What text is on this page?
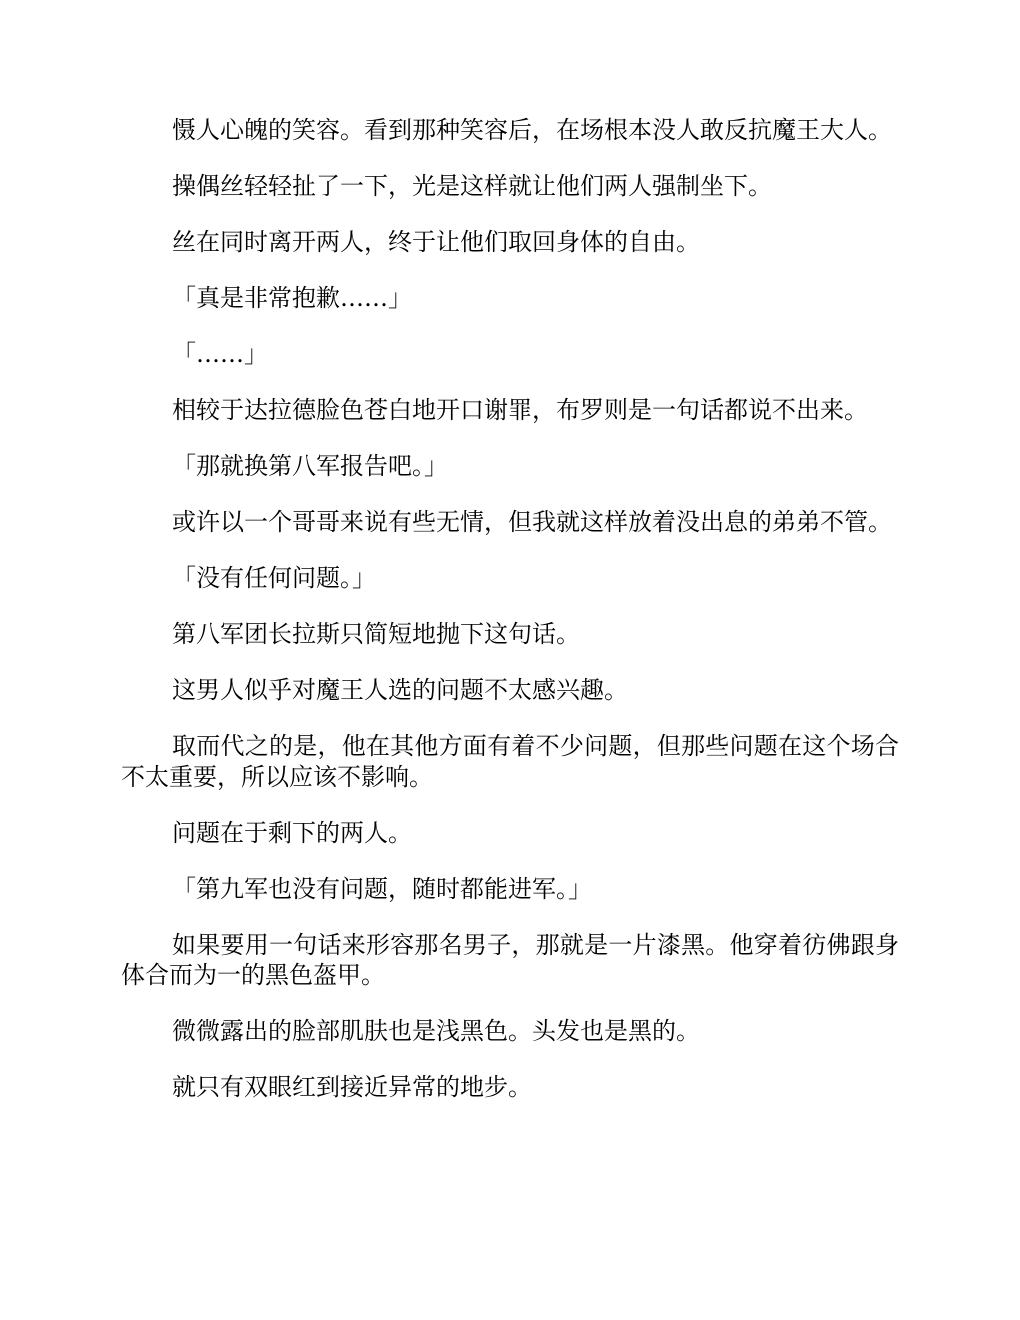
慑人心魄的笑容。看到那种笑容后，在场根本没人敢反抗魔王大人。

操偶丝轻轻扯了一下，光是这样就让他们两人强制坐下。

丝在同时离开两人，终于让他们取回身体的自由。

「真是非常抱歉……」

「……」

相较于达拉德脸色苍白地开口谢罪，布罗则是一句话都说不出来。

「那就换第八军报告吧。」

或许以一个哥哥来说有些无情，但我就这样放着没出息的弟弟不管。

「没有任何问题。」

第八军团长拉斯只简短地抛下这句话。

这男人似乎对魔王人选的问题不太感兴趣。

取而代之的是，他在其他方面有着不少问题，但那些问题在这个场合不太重要，所以应该不影响。

问题在于剩下的两人。

「第九军也没有问题，随时都能进军。」

如果要用一句话来形容那名男子，那就是一片漆黑。他穿着彷佛跟身体合而为一的黑色盔甲。

微微露出的脸部肌肤也是浅黑色。头发也是黑的。

就只有双眼红到接近异常的地步。
